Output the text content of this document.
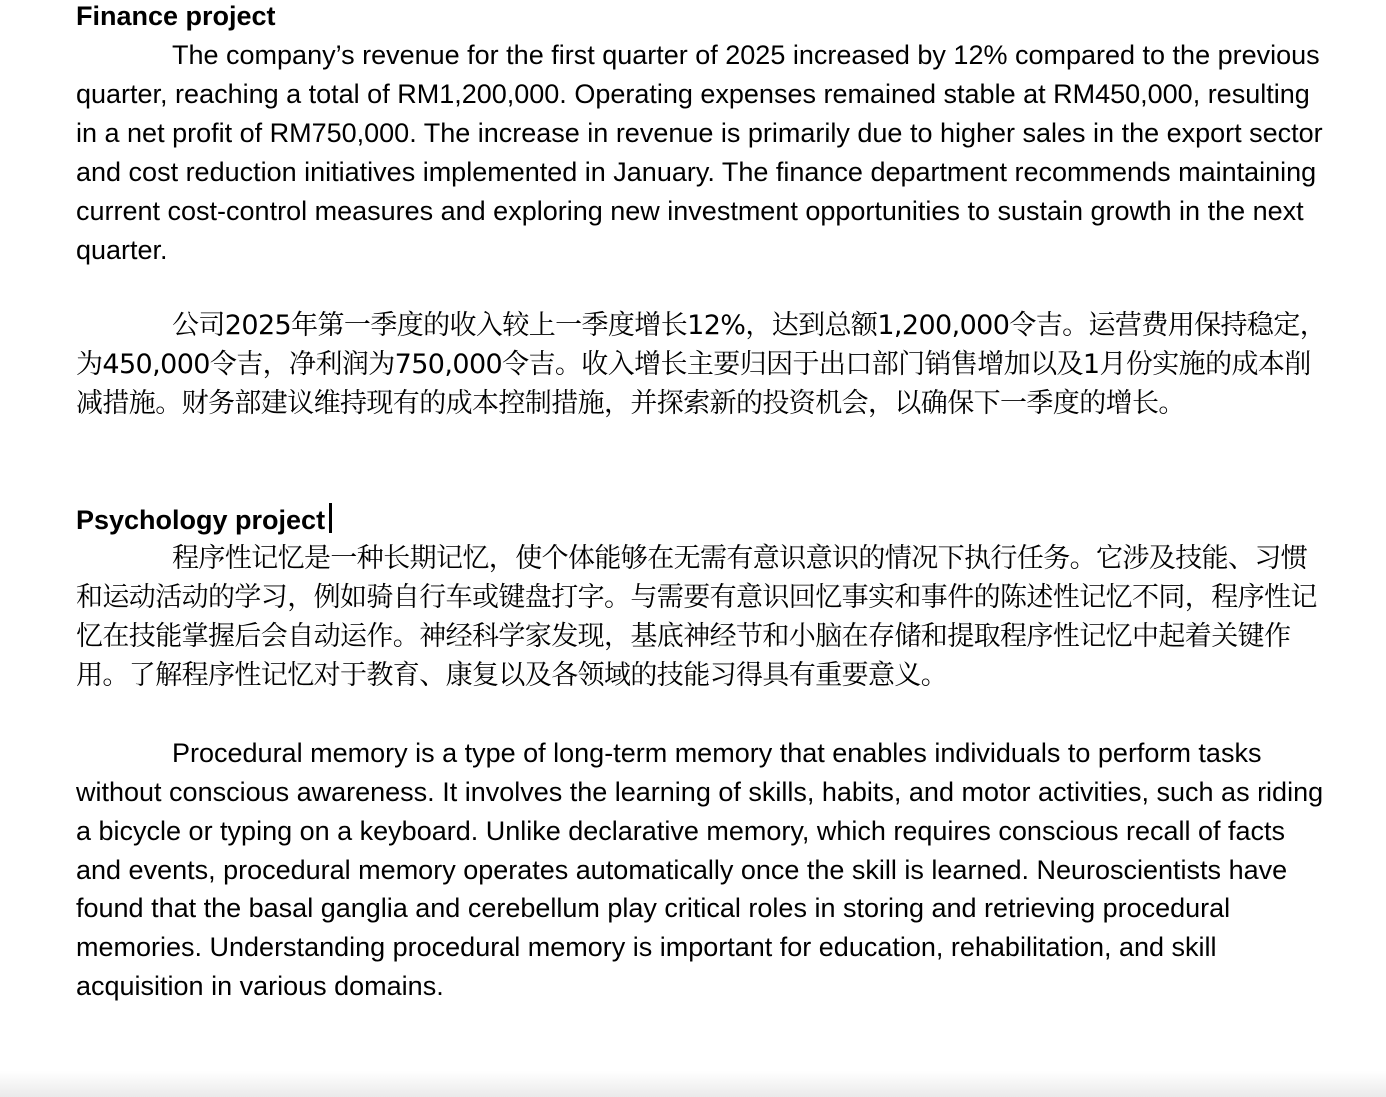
Finance project

The company’s revenue for the first quarter of 2025 increased by 12% compared to the previous quarter, reaching a total of RM1,200,000. Operating expenses remained stable at RM450,000, resulting in a net profit of RM750,000. The increase in revenue is primarily due to higher sales in the export sector and cost reduction initiatives implemented in January. The finance department recommends maintaining current cost-control measures and exploring new investment opportunities to sustain growth in the next quarter.

公司2025年第一季度的收入较上一季度增长12%，达到总额1,200,000令吉。运营费用保持稳定，为450,000令吉，净利润为750,000令吉。收入增长主要归因于出口部门销售增加以及1月份实施的成本削减措施。财务部建议维持现有的成本控制措施，并探索新的投资机会，以确保下一季度的增长。

Psychology project

程序性记忆是一种长期记忆，使个体能够在无需有意识意识的情况下执行任务。它涉及技能、习惯和运动活动的学习，例如骑自行车或键盘打字。与需要有意识回忆事实和事件的陈述性记忆不同，程序性记忆在技能掌握后会自动运作。神经科学家发现，基底神经节和小脑在存储和提取程序性记忆中起着关键作用。了解程序性记忆对于教育、康复以及各领域的技能习得具有重要意义。

Procedural memory is a type of long-term memory that enables individuals to perform tasks without conscious awareness. It involves the learning of skills, habits, and motor activities, such as riding a bicycle or typing on a keyboard. Unlike declarative memory, which requires conscious recall of facts and events, procedural memory operates automatically once the skill is learned. Neuroscientists have found that the basal ganglia and cerebellum play critical roles in storing and retrieving procedural memories. Understanding procedural memory is important for education, rehabilitation, and skill acquisition in various domains.
